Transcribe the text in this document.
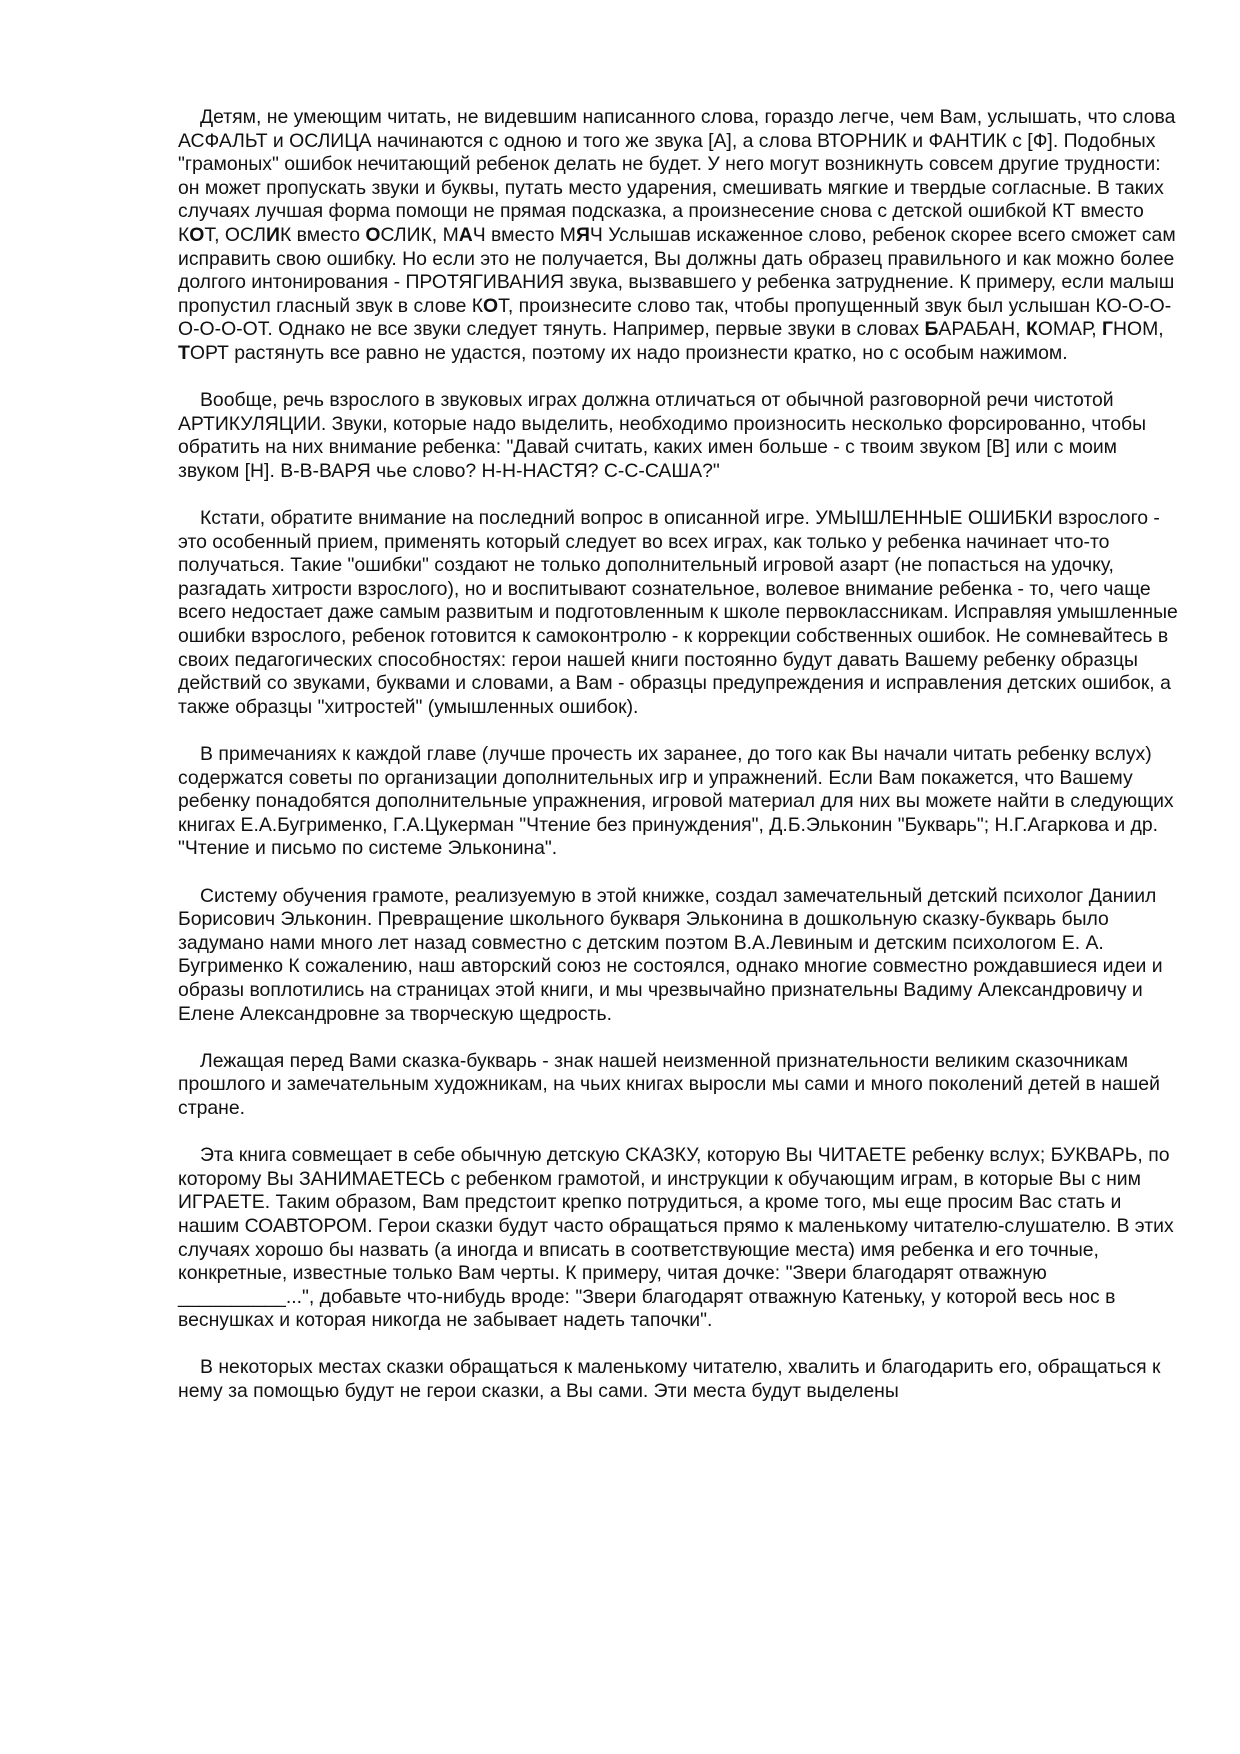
Детям, не умеющим читать, не видевшим написанного слова, гораздо легче, чем Вам, услышать, что слова АСФАЛЬТ и ОСЛИЦА начинаются с одною и того же звука [А], а слова ВТОРНИК и ФАНТИК с [Ф]. Подобных "грамоных" ошибок нечитающий ребенок делать не будет. У него могут возникнуть совсем другие трудности: он может пропускать звуки и буквы, путать место ударения, смешивать мягкие и твердые согласные. В таких случаях лучшая форма помощи не прямая подсказка, а произнесение снова с детской ошибкой КТ вместо КОТ, ОСЛИК вместо ОСЛИК, МАЧ вместо МЯЧ Услышав искаженное слово, ребенок скорее всего сможет сам исправить свою ошибку. Но если это не получается, Вы должны дать образец правильного и как можно более долгого интонирования - ПРОТЯГИВАНИЯ звука, вызвавшего у ребенка затруднение. К примеру, если малыш пропустил гласный звук в слове КОТ, произнесите слово так, чтобы пропущенный звук был услышан КО-О-О-О-О-О-ОТ. Однако не все звуки следует тянуть. Например, первые звуки в словах БАРАБАН, КОМАР, ГНОМ, ТОРТ растянуть все равно не удастся, поэтому их надо произнести кратко, но с особым нажимом.

Вообще, речь взрослого в звуковых играх должна отличаться от обычной разговорной речи чистотой АРТИКУЛЯЦИИ. Звуки, которые надо выделить, необходимо произносить несколько форсированно, чтобы обратить на них внимание ребенка: "Давай считать, каких имен больше - с твоим звуком [В] или с моим звуком [Н]. В-В-ВАРЯ чье слово? Н-Н-НАСТЯ? С-С-САША?"

Кстати, обратите внимание на последний вопрос в описанной игре. УМЫШЛЕННЫЕ ОШИБКИ взрослого - это особенный прием, применять который следует во всех играх, как только у ребенка начинает что-то получаться. Такие "ошибки" создают не только дополнительный игровой азарт (не попасться на удочку, разгадать хитрости взрослого), но и воспитывают сознательное, волевое внимание ребенка - то, чего чаще всего недостает даже самым развитым и подготовленным к школе первоклассникам. Исправляя умышленные ошибки взрослого, ребенок готовится к самоконтролю - к коррекции собственных ошибок. Не сомневайтесь в своих педагогических способностях: герои нашей книги постоянно будут давать Вашему ребенку образцы действий со звуками, буквами и словами, а Вам - образцы предупреждения и исправления детских ошибок, а также образцы "хитростей" (умышленных ошибок).

В примечаниях к каждой главе (лучше прочесть их заранее, до того как Вы начали читать ребенку вслух) содержатся советы по организации дополнительных игр и упражнений. Если Вам покажется, что Вашему ребенку понадобятся дополнительные упражнения, игровой материал для них вы можете найти в следующих книгах Е.А.Бугрименко, Г.А.Цукерман "Чтение без принуждения", Д.Б.Эльконин "Букварь"; Н.Г.Агаркова и др. "Чтение и письмо по системе Эльконина".

Систему обучения грамоте, реализуемую в этой книжке, создал замечательный детский психолог Даниил Борисович Эльконин. Превращение школьного букваря Эльконина в дошкольную сказку-букварь было задумано нами много лет назад совместно с детским поэтом В.А.Левиным и детским психологом Е. А. Бугрименко К сожалению, наш авторский союз не состоялся, однако многие совместно рождавшиеся идеи и образы воплотились на страницах этой книги, и мы чрезвычайно признательны Вадиму Александровичу и Елене Александровне за творческую щедрость.

Лежащая перед Вами сказка-букварь - знак нашей неизменной признательности великим сказочникам прошлого и замечательным художникам, на чьих книгах выросли мы сами и много поколений детей в нашей стране.

Эта книга совмещает в себе обычную детскую СКАЗКУ, которую Вы ЧИТАЕТЕ ребенку вслух; БУКВАРЬ, по которому Вы ЗАНИМАЕТЕСЬ с ребенком грамотой, и инструкции к обучающим играм, в которые Вы с ним ИГРАЕТЕ. Таким образом, Вам предстоит крепко потрудиться, а кроме того, мы еще просим Вас стать и нашим СОАВТОРОМ. Герои сказки будут часто обращаться прямо к маленькому читателю-слушателю. В этих случаях хорошо бы назвать (а иногда и вписать в соответствующие места) имя ребенка и его точные, конкретные, известные только Вам черты. К примеру, читая дочке: "Звери благодарят отважную __________...", добавьте что-нибудь вроде: "Звери благодарят отважную Катеньку, у которой весь нос в веснушках и которая никогда не забывает надеть тапочки".

В некоторых местах сказки обращаться к маленькому читателю, хвалить и благодарить его, обращаться к нему за помощью будут не герои сказки, а Вы сами. Эти места будут выделены
